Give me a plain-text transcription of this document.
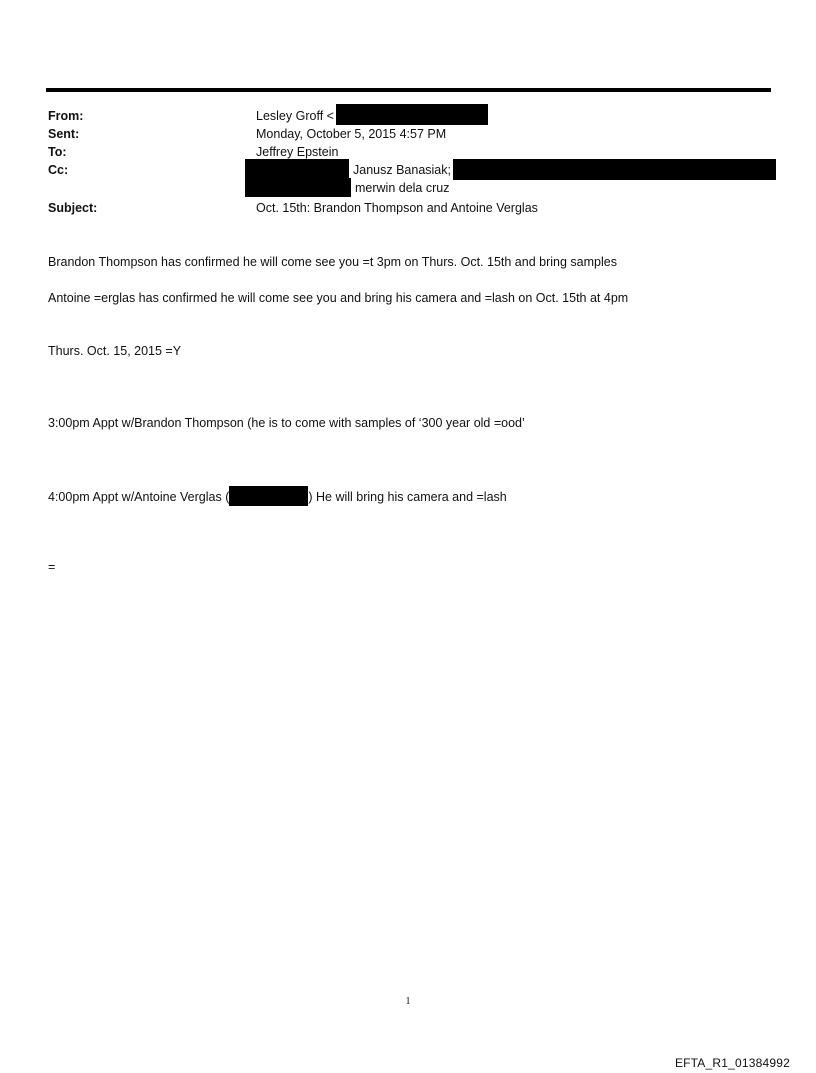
From:
Sent:
To:
Cc:
Subject:
Lesley Groff <
Monday, October 5, 2015 4:57 PM
Jeffrey Epstein
Janusz Banasiak;
merwin dela cruz
Oct. 15th: Brandon Thompson and Antoine Verglas
Brandon Thompson has confirmed he will come see you =t 3pm on Thurs. Oct. 15th and bring samples
Antoine =erglas has confirmed he will come see you and bring his camera and =lash on Oct. 15th at 4pm
Thurs. Oct. 15, 2015 =Y
3:00pm Appt w/Brandon Thompson (he is to come with samples of ‘300 year old =ood’
4:00pm Appt w/Antoine Verglas (	) He will bring his camera and =lash
=
1
EFTA_R1_01384992
